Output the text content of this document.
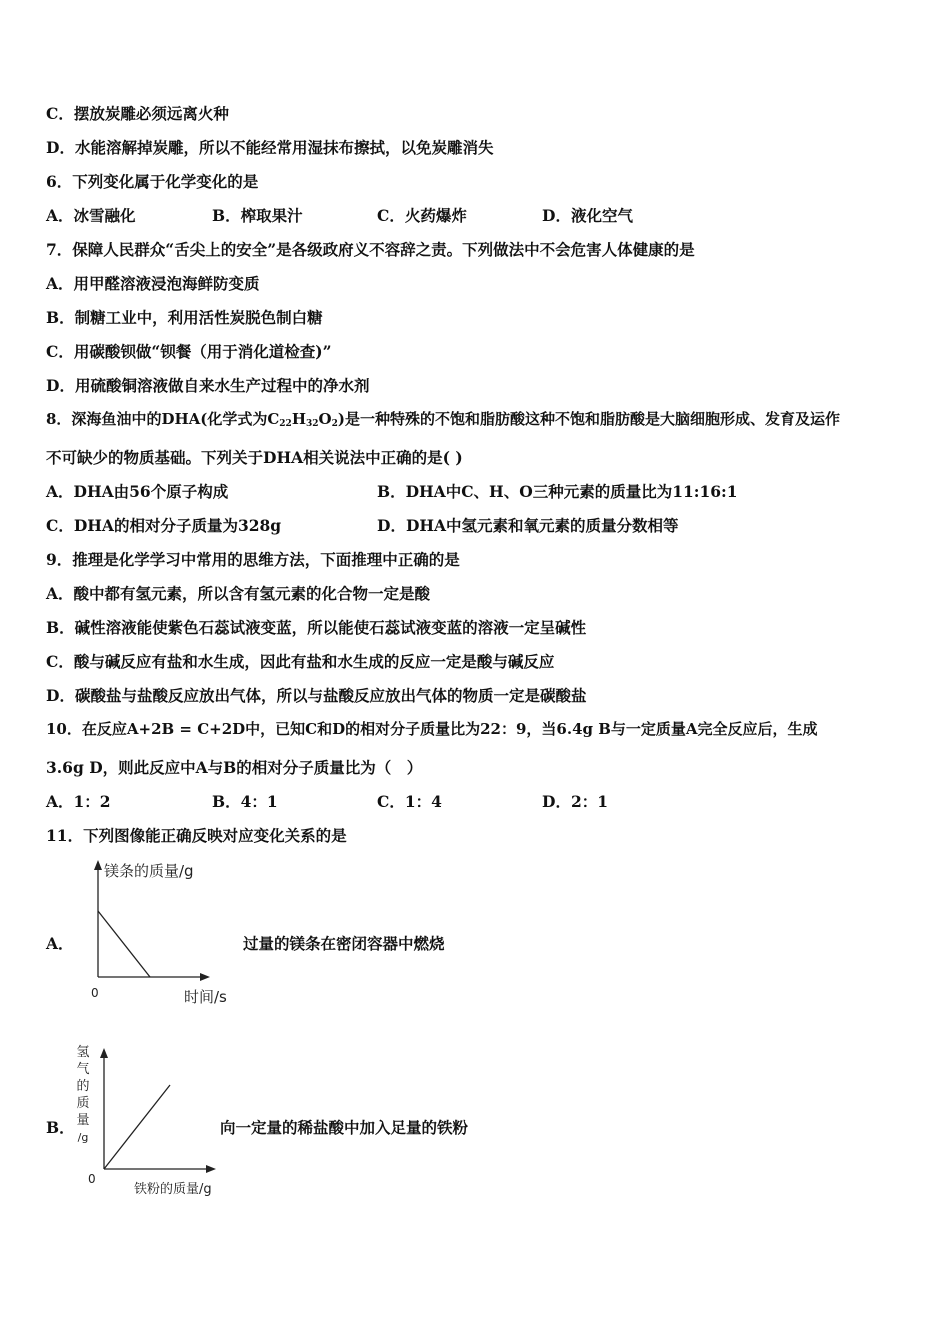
C．摆放炭雕必须远离火种
D．水能溶解掉炭雕，所以不能经常用湿抹布擦拭，以免炭雕消失
6．下列变化属于化学变化的是
A．冰雪融化	B．榨取果汁	C．火药爆炸	D．液化空气
7．保障人民群众“舌尖上的安全”是各级政府义不容辞之责。下列做法中不会危害人体健康的是
A．用甲醛溶液浸泡海鲜防变质
B．制糖工业中，利用活性炭脱色制白糖
C．用碳酸钡做“钡餐（用于消化道检查)”
D．用硫酸铜溶液做自来水生产过程中的净水剂
8．深海鱼油中的DHA(化学式为$C_{22}H_{32}O_2$)是一种特殊的不饱和脂肪酸这种不饱和脂肪酸是大脑细胞形成、发育及运作
不可缺少的物质基础。下列关于DHA相关说法中正确的是( )
A．DHA由56个原子构成	B．DHA中C、H、O三种元素的质量比为11:16:1
C．DHA的相对分子质量为328g	D．DHA中氢元素和氧元素的质量分数相等
9．推理是化学学习中常用的思维方法，下面推理中正确的是
A．酸中都有氢元素，所以含有氢元素的化合物一定是酸
B．碱性溶液能使紫色石蕊试液变蓝，所以能使石蕊试液变蓝的溶液一定呈碱性
C．酸与碱反应有盐和水生成，因此有盐和水生成的反应一定是酸与碱反应
D．碳酸盐与盐酸反应放出气体，所以与盐酸反应放出气体的物质一定是碳酸盐
10．在反应A+2B = C+2D中，已知C和D的相对分子质量比为22：9，当6.4g B与一定质量A完全反应后，生成
3.6g D，则此反应中A与B的相对分子质量比为（　）
A．1：2	B．4：1	C．1：4	D．2：1
11．下列图像能正确反映对应变化关系的是
A．
镁条的质量/g
0	时间/s
过量的镁条在密闭容器中燃烧
B．
氢
气
的
质
量
/g
0
铁粉的质量/g
向一定量的稀盐酸中加入足量的铁粉
